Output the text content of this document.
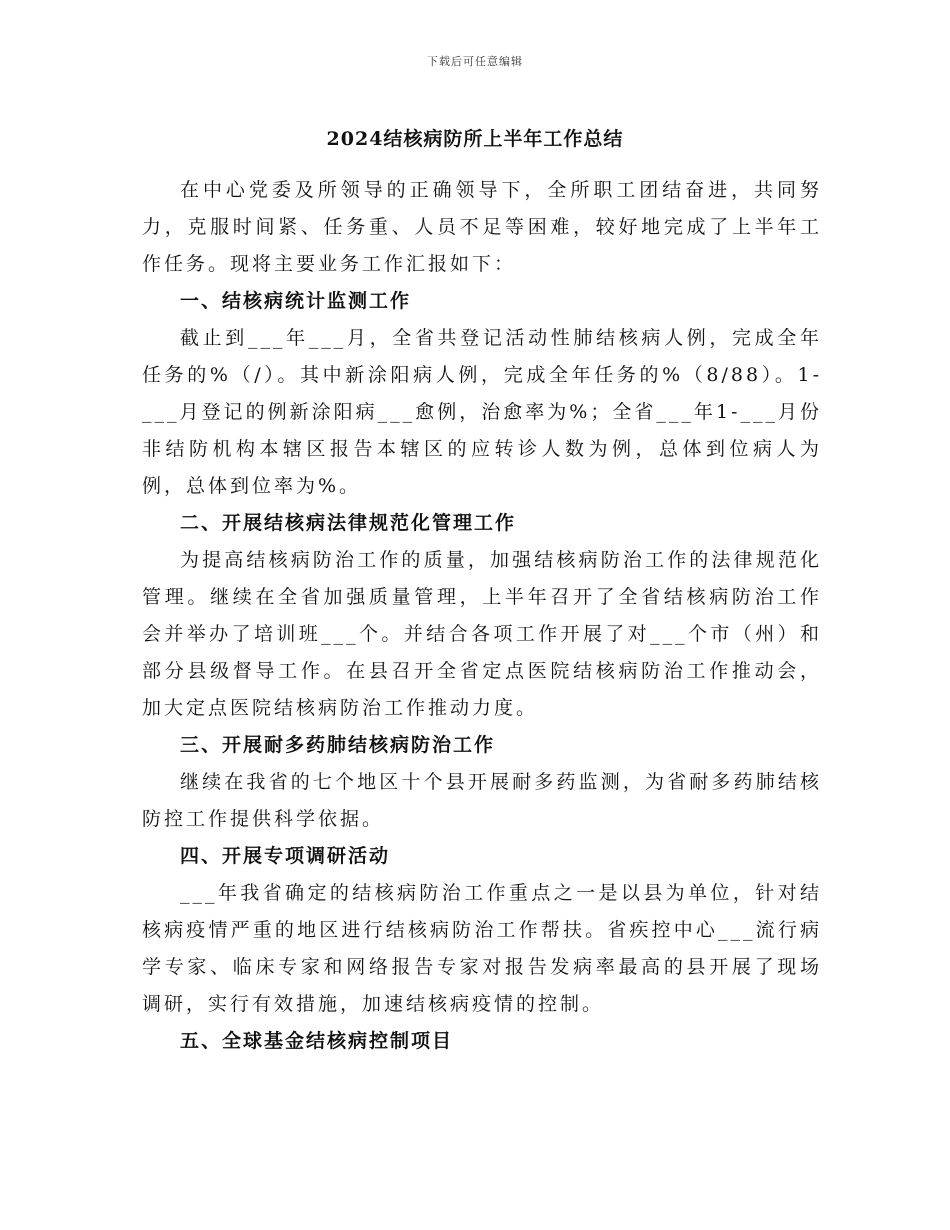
下载后可任意编辑
2024结核病防所上半年工作总结

在中心党委及所领导的正确领导下，全所职工团结奋进，共同努力，克服时间紧、任务重、人员不足等困难，较好地完成了上半年工作任务。现将主要业务工作汇报如下：

一、结核病统计监测工作

截止到___年___月，全省共登记活动性肺结核病人例，完成全年任务的%（/）。其中新涂阳病人例，完成全年任务的%（8/88）。1-___月登记的例新涂阳病___愈例，治愈率为%；全省___年1-___月份非结防机构本辖区报告本辖区的应转诊人数为例，总体到位病人为例，总体到位率为%。

二、开展结核病法律规范化管理工作

为提高结核病防治工作的质量，加强结核病防治工作的法律规范化管理。继续在全省加强质量管理，上半年召开了全省结核病防治工作会并举办了培训班___个。并结合各项工作开展了对___个市（州）和部分县级督导工作。在县召开全省定点医院结核病防治工作推动会，加大定点医院结核病防治工作推动力度。

三、开展耐多药肺结核病防治工作

继续在我省的七个地区十个县开展耐多药监测，为省耐多药肺结核防控工作提供科学依据。

四、开展专项调研活动

___年我省确定的结核病防治工作重点之一是以县为单位，针对结核病疫情严重的地区进行结核病防治工作帮扶。省疾控中心___流行病学专家、临床专家和网络报告专家对报告发病率最高的县开展了现场调研，实行有效措施，加速结核病疫情的控制。

五、全球基金结核病控制项目
